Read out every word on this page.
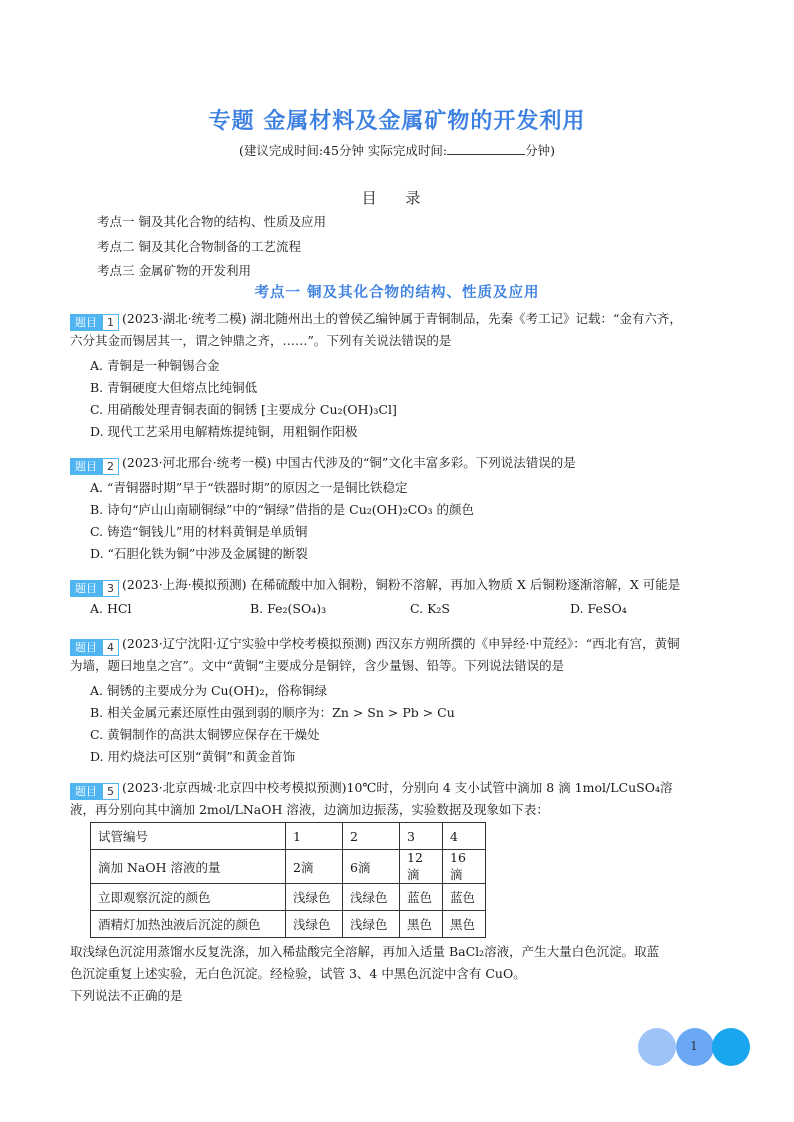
专题 金属材料及金属矿物的开发利用
(建议完成时间:45分钟 实际完成时间:	分钟)
目 录
考点一 铜及其化合物的结构、性质及应用
考点二 铜及其化合物制备的工艺流程
考点三 金属矿物的开发利用
考点一 铜及其化合物的结构、性质及应用
题目 1 (2023·湖北·统考二模) 湖北随州出土的曾侯乙编钟属于青铜制品，先秦《考工记》记载：“金有六齐，
六分其金而锡居其一，谓之钟鼎之齐，……”。下列有关说法错误的是
A. 青铜是一种铜锡合金
B. 青铜硬度大但熔点比纯铜低
C. 用硝酸处理青铜表面的铜锈 [主要成分 Cu₂(OH)₃Cl]
D. 现代工艺采用电解精炼提纯铜，用粗铜作阳极
题目 2 (2023·河北邢台·统考一模) 中国古代涉及的“铜”文化丰富多彩。下列说法错误的是
A. “青铜器时期”早于“铁器时期”的原因之一是铜比铁稳定
B. 诗句“庐山山南刷铜绿”中的“铜绿”借指的是 Cu₂(OH)₂CO₃ 的颜色
C. 铸造“铜钱儿”用的材料黄铜是单质铜
D. “石胆化铁为铜”中涉及金属键的断裂
题目 3 (2023·上海·模拟预测) 在稀硫酸中加入铜粉，铜粉不溶解，再加入物质 X 后铜粉逐渐溶解，X 可能是
A. HCl	B. Fe₂(SO₄)₃	C. K₂S	D. FeSO₄
题目 4 (2023·辽宁沈阳·辽宁实验中学校考模拟预测) 西汉东方朔所撰的《申异经·中荒经》：“西北有宫，黄铜
为墙，题曰地皇之宫”。文中“黄铜”主要成分是铜锌，含少量锡、铅等。下列说法错误的是
A. 铜锈的主要成分为 Cu(OH)₂，俗称铜绿
B. 相关金属元素还原性由强到弱的顺序为：Zn > Sn > Pb > Cu
C. 黄铜制作的高洪太铜锣应保存在干燥处
D. 用灼烧法可区别“黄铜”和黄金首饰
题目 5 (2023·北京西城·北京四中校考模拟预测)10℃时，分别向 4 支小试管中滴加 8 滴 1mol/LCuSO₄溶
液，再分别向其中滴加 2mol/LNaOH 溶液，边滴加边振荡，实验数据及现象如下表：
试管编号	1	2	3	4
滴加 NaOH 溶液的量	2滴	6滴	12滴	16滴
立即观察沉淀的颜色	浅绿色	浅绿色	蓝色	蓝色
酒精灯加热浊液后沉淀的颜色	浅绿色	浅绿色	黑色	黑色
取浅绿色沉淀用蒸馏水反复洗涤，加入稀盐酸完全溶解，再加入适量 BaCl₂溶液，产生大量白色沉淀。取蓝
色沉淀重复上述实验，无白色沉淀。经检验，试管 3、4 中黑色沉淀中含有 CuO。
下列说法不正确的是
1
